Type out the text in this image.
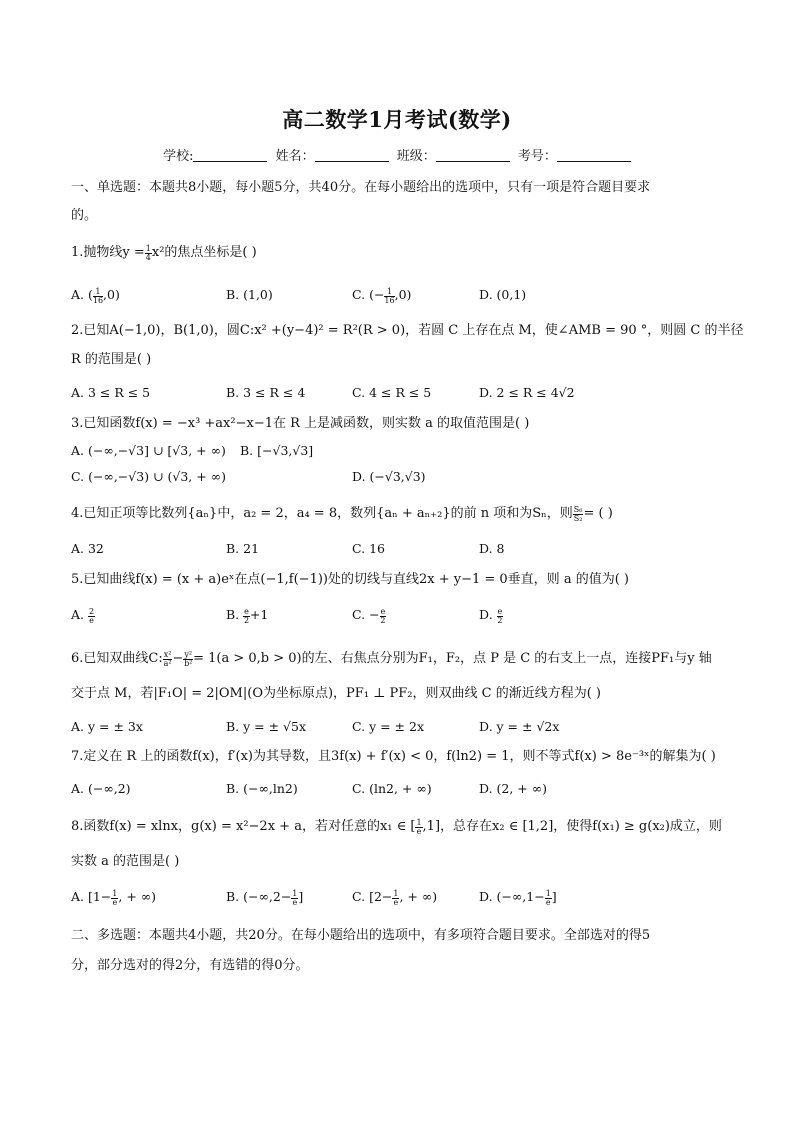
高二数学1月考试(数学)
学校:	姓名：	班级：	考号：
一、单选题：本题共8小题，每小题5分，共40分。在每小题给出的选项中，只有一项是符合题目要求
的。
1.抛物线$y = \frac{1}{4} x^2$的焦点坐标是( )
A. ( $\frac{1}{16} ,0$)	B. (1,0)	C. (− $\frac{1}{16} ,0$)	D. (0,1)
2.已知A(−1,0)，B(1,0)，圆C:x² +(y−4)² = R²(R > 0)，若圆 C 上存在点 M，使∠AMB = 90 °，则圆 C 的半径
R 的范围是( )
A. 3 ≤ R ≤ 5	B. 3 ≤ R ≤ 4	C. 4 ≤ R ≤ 5	D. 2 ≤ R ≤ 4√2
3.已知函数f(x) = −x³ +ax²−x−1在 R 上是减函数，则实数 a 的取值范围是( )
A. (−∞,−√3] ∪ [√3, + ∞) B. [−√3,√3]
C. (−∞,−√3) ∪ (√3, + ∞)	D. (−√3,√3)
4.已知正项等比数列{aₙ}中，a₂ = 2，a₄ = 8，数列{aₙ + aₙ₊₂}的前 n 项和为Sₙ，则 $\frac{\text{S₆}}{\text{S₂}}$ = ( )
A. 32	B. 21	C. 16	D. 8
5.已知曲线f(x) = (x + a)eˣ在点(−1,f(−1))处的切线与直线2x + y−1 = 0垂直，则 a 的值为( )
A. $\frac{2}{e}$	B. $\frac{e}{2} +1$	C. − $\frac{e}{2}$	D. $\frac{e}{2}$
6.已知双曲线C: $\frac{\text{x²}}{\text{a²}} - \frac{\text{y²}}{\text{b²}} = 1(a > 0,b > 0)$的左、右焦点分别为F₁，F₂，点 P 是 C 的右支上一点，连接PF₁与y 轴
交于点 M，若|F₁O| = 2|OM|(O为坐标原点)，PF₁ ⊥ PF₂，则双曲线 C 的渐近线方程为( )
A. y = ± 3x	B. y = ± √5x	C. y = ± 2x	D. y = ± √2x
7.定义在 R 上的函数f(x)，f′(x)为其导数，且3f(x) + f′(x) < 0，f(ln2) = 1，则不等式f(x) > 8e⁻³ˣ的解集为( )
A. (−∞,2)	B. (−∞,ln2)	C. (ln2, + ∞)	D. (2, + ∞)
8.函数f(x) = xlnx，g(x) = x²−2x + a，若对任意的x₁ ∈ [ $\frac{1}{e} ,1$]，总存在x₂ ∈ [1,2]，使得f(x₁) ≥ g(x₂)成立，则
实数 a 的范围是( )
A. [$1- \frac{1}{e}$ , + ∞)	B. ($-\infty,2- \frac{1}{e}$ ]	C. [$2- \frac{1}{e}$ , + ∞)	D. ($-\infty,1- \frac{1}{e}$ ]
二、多选题：本题共4小题，共20分。在每小题给出的选项中，有多项符合题目要求。全部选对的得5
分，部分选对的得2分，有选错的得0分。
